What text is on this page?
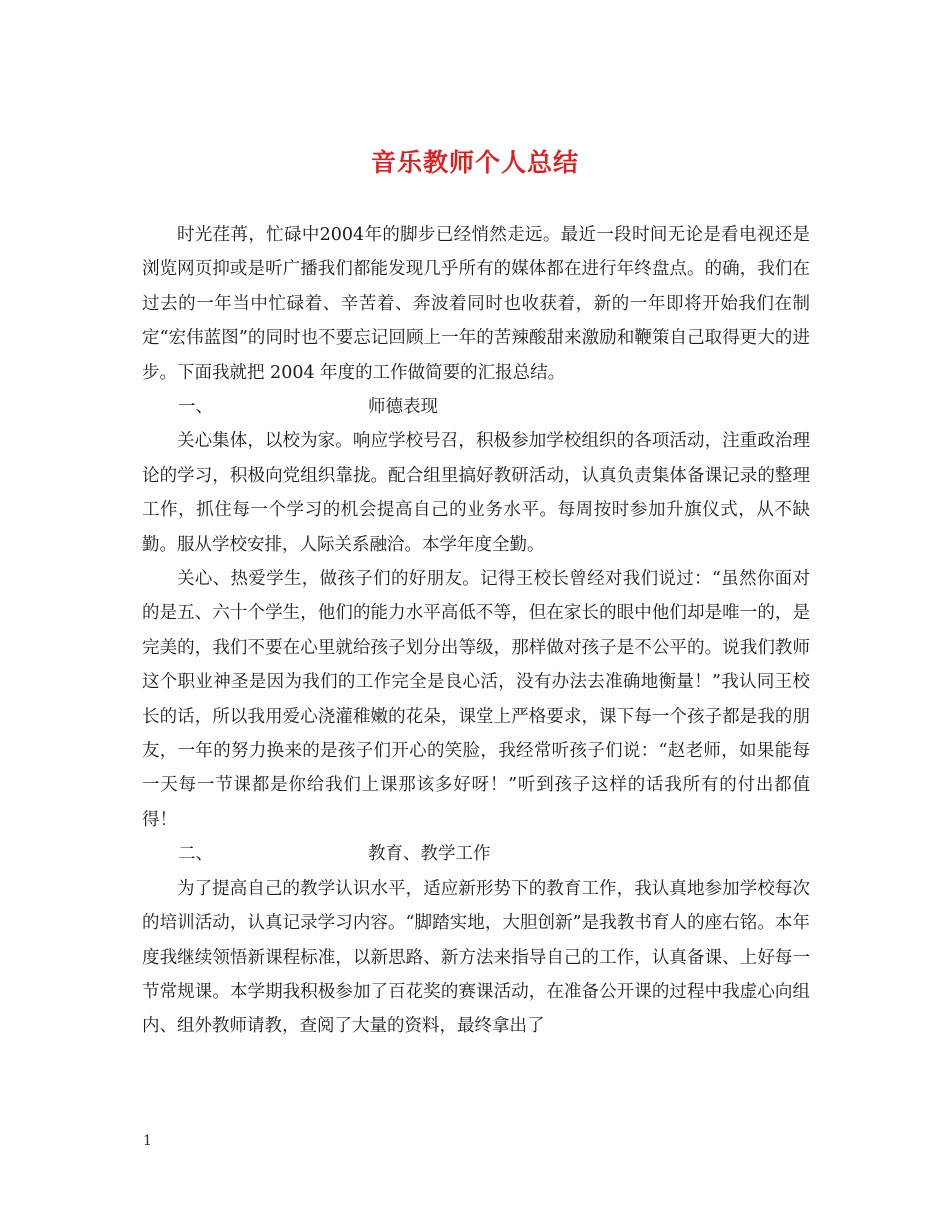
音乐教师个人总结

时光荏苒，忙碌中2004年的脚步已经悄然走远。最近一段时间无论是看电视还是浏览网页抑或是听广播我们都能发现几乎所有的媒体都在进行年终盘点。的确，我们在过去的一年当中忙碌着、辛苦着、奔波着同时也收获着，新的一年即将开始我们在制定“宏伟蓝图”的同时也不要忘记回顾上一年的苦辣酸甜来激励和鞭策自己取得更大的进步。下面我就把 2004 年度的工作做简要的汇报总结。

一、	师德表现

关心集体，以校为家。响应学校号召，积极参加学校组织的各项活动，注重政治理论的学习，积极向党组织靠拢。配合组里搞好教研活动，认真负责集体备课记录的整理工作，抓住每一个学习的机会提高自己的业务水平。每周按时参加升旗仪式，从不缺勤。服从学校安排，人际关系融洽。本学年度全勤。

关心、热爱学生，做孩子们的好朋友。记得王校长曾经对我们说过：“虽然你面对的是五、六十个学生，他们的能力水平高低不等，但在家长的眼中他们却是唯一的，是完美的，我们不要在心里就给孩子划分出等级，那样做对孩子是不公平的。说我们教师这个职业神圣是因为我们的工作完全是良心活，没有办法去准确地衡量！”我认同王校长的话，所以我用爱心浇灌稚嫩的花朵，课堂上严格要求，课下每一个孩子都是我的朋友，一年的努力换来的是孩子们开心的笑脸，我经常听孩子们说：“赵老师，如果能每一天每一节课都是你给我们上课那该多好呀！”听到孩子这样的话我所有的付出都值得！

二、	教育、教学工作

为了提高自己的教学认识水平，适应新形势下的教育工作，我认真地参加学校每次的培训活动，认真记录学习内容。“脚踏实地，大胆创新”是我教书育人的座右铭。本年度我继续领悟新课程标准，以新思路、新方法来指导自己的工作，认真备课、上好每一节常规课。本学期我积极参加了百花奖的赛课活动，在准备公开课的过程中我虚心向组内、组外教师请教，查阅了大量的资料，最终拿出了

1
